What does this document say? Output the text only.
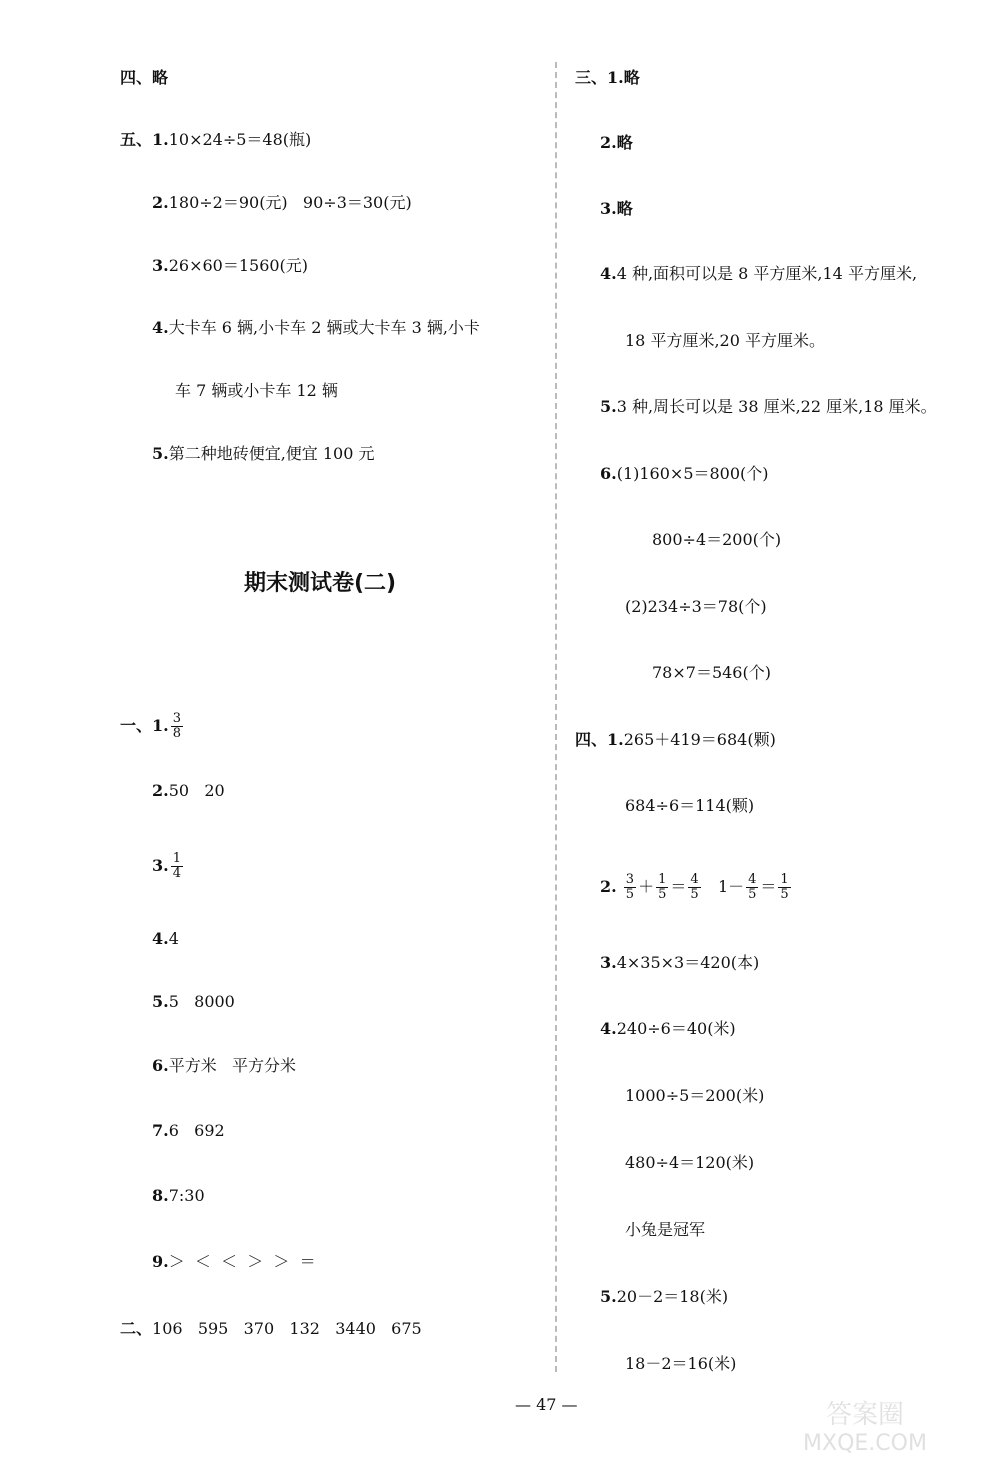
四、略
五、1.10×24÷5＝48(瓶)
2.180÷2＝90(元)   90÷3＝30(元)
3.26×60＝1560(元)
4.大卡车 6 辆,小卡车 2 辆或大卡车 3 辆,小卡
车 7 辆或小卡车 12 辆
5.第二种地砖便宜,便宜 100 元
期末测试卷(二)
一、1. $\frac{3}{8}$
2.50   20
3. $\frac{1}{4}$
4.4
5.5   8000
6.平方米   平方分米
7.6   692
8.7:30
9.＞  ＜  ＜  ＞  ＞  ＝
二、106   595   370   132   3440   675
三、1.略
2.略
3.略
4.4 种,面积可以是 8 平方厘米,14 平方厘米,
18 平方厘米,20 平方厘米。
5.3 种,周长可以是 38 厘米,22 厘米,18 厘米。
6.(1)160×5＝800(个)
800÷4＝200(个)
(2)234÷3＝78(个)
78×7＝546(个)
四、1.265＋419＝684(颗)
684÷6＝114(颗)
2. $\frac{3}{5} + \frac{1}{5} = \frac{4}{5} 1- \frac{4}{5} = \frac{1}{5}$
3.4×35×3＝420(本)
4.240÷6＝40(米)
1000÷5＝200(米)
480÷4＝120(米)
小兔是冠军
5.20－2＝18(米)
18－2＝16(米)
— 47 —	答案圈
MXQE.COM
